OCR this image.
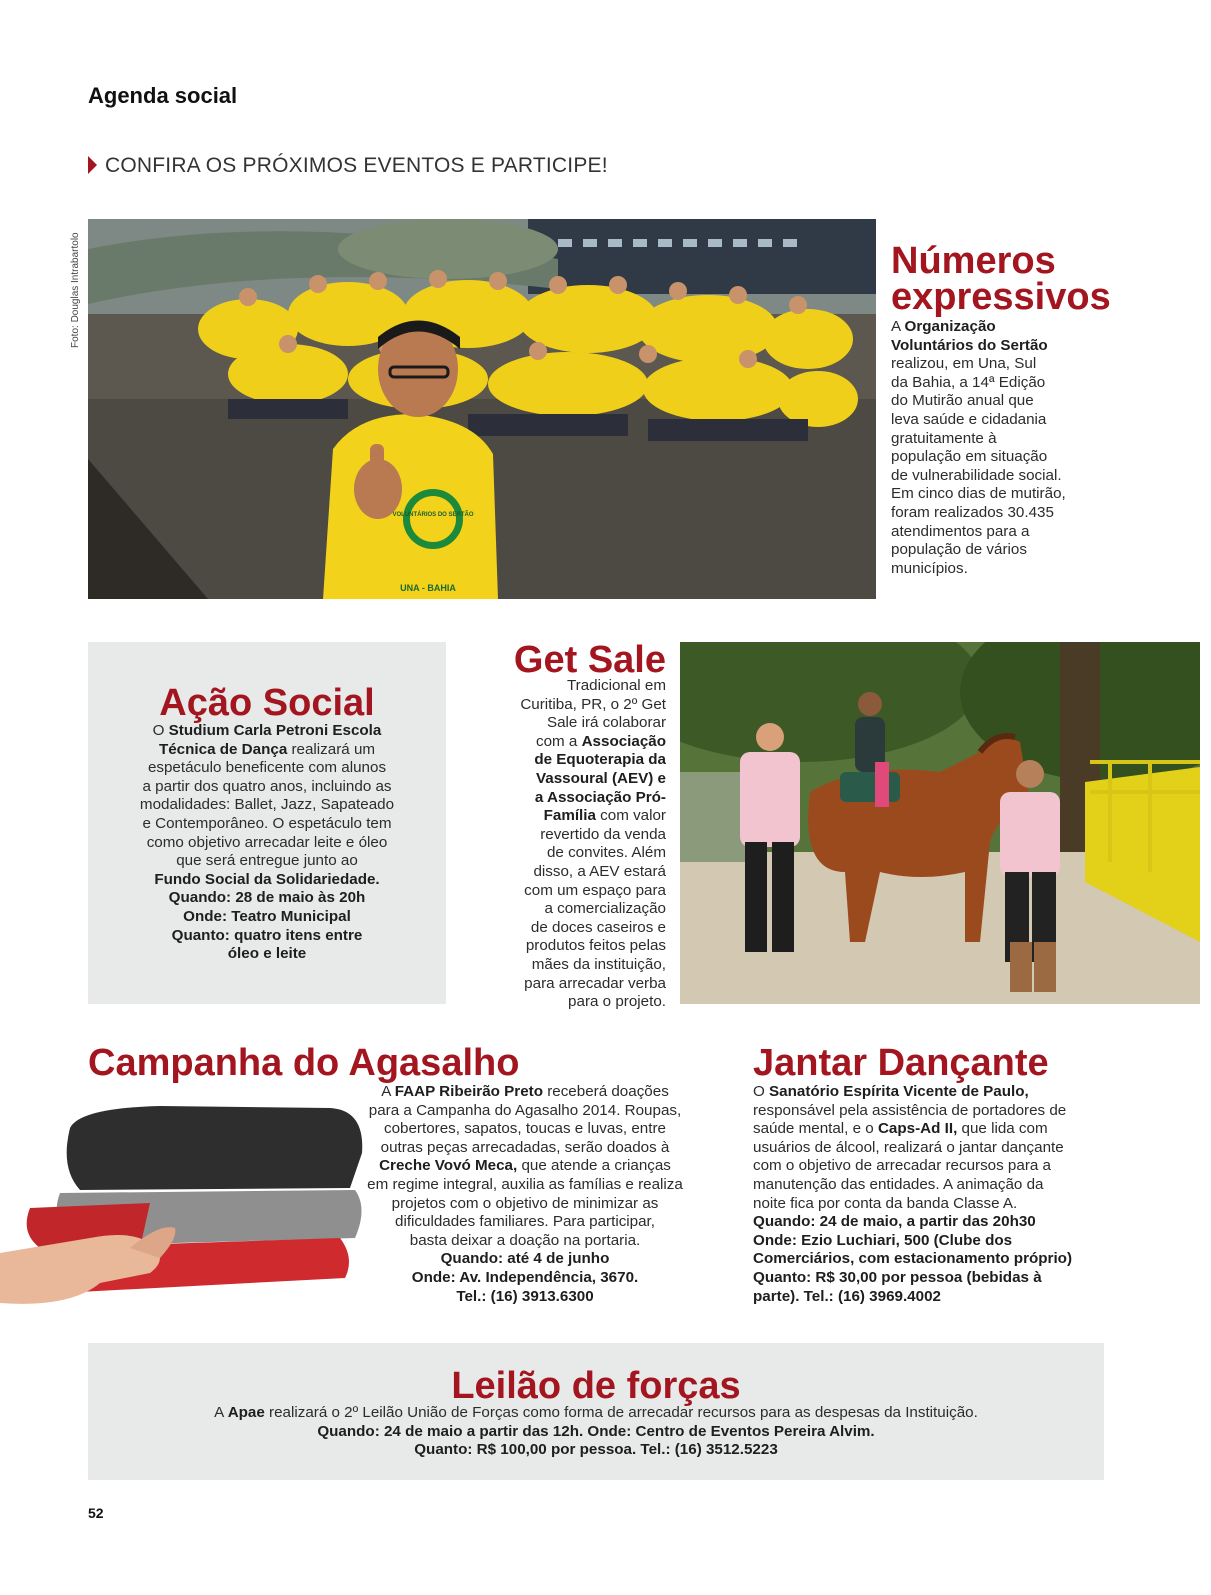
Agenda social
CONFIRA OS PRÓXIMOS EVENTOS E PARTICIPE!
Foto: Douglas Intrabartolo
VOLUNTÁRIOS DO SERTÃO
UNA - BAHIA
Números
expressivos
A Organização
Voluntários do Sertão
realizou, em Una, Sul
da Bahia, a 14ª Edição
do Mutirão anual que
leva saúde e cidadania
gratuitamente à
população em situação
de vulnerabilidade social.
Em cinco dias de mutirão,
foram realizados 30.435
atendimentos para a
população de vários
municípios.
Ação Social
O Studium Carla Petroni Escola
Técnica de Dança realizará um
espetáculo beneficente com alunos
a partir dos quatro anos, incluindo as
modalidades: Ballet, Jazz, Sapateado
e Contemporâneo. O espetáculo tem
como objetivo arrecadar leite e óleo
que será entregue junto ao
Fundo Social da Solidariedade.
Quando: 28 de maio às 20h
Onde: Teatro Municipal
Quanto: quatro itens entre
óleo e leite
Get Sale
Tradicional em
Curitiba, PR, o 2º Get
Sale irá colaborar
com a Associação
de Equoterapia da
Vassoural (AEV) e
a Associação Pró-
Família com valor
revertido da venda
de convites. Além
disso, a AEV estará
com um espaço para
a comercialização
de doces caseiros e
produtos feitos pelas
mães da instituição,
para arrecadar verba
para o projeto.
Campanha do Agasalho
A FAAP Ribeirão Preto receberá doações
para a Campanha do Agasalho 2014. Roupas,
cobertores, sapatos, toucas e luvas, entre
outras peças arrecadadas, serão doados à
Creche Vovó Meca, que atende a crianças
em regime integral, auxilia as famílias e realiza
projetos com o objetivo de minimizar as
dificuldades familiares. Para participar,
basta deixar a doação na portaria.
Quando: até 4 de junho
Onde: Av. Independência, 3670.
Tel.: (16) 3913.6300
Jantar Dançante
O Sanatório Espírita Vicente de Paulo,
responsável pela assistência de portadores de
saúde mental, e o Caps-Ad II, que lida com
usuários de álcool, realizará o jantar dançante
com o objetivo de arrecadar recursos para a
manutenção das entidades. A animação da
noite fica por conta da banda Classe A.
Quando: 24 de maio, a partir das 20h30
Onde: Ezio Luchiari, 500 (Clube dos
Comerciários, com estacionamento próprio)
Quanto: R$ 30,00 por pessoa (bebidas à
parte). Tel.: (16) 3969.4002
Leilão de forças
A Apae realizará o 2º Leilão União de Forças como forma de arrecadar recursos para as despesas da Instituição.
Quando: 24 de maio a partir das 12h. Onde: Centro de Eventos Pereira Alvim.
Quanto: R$ 100,00 por pessoa. Tel.: (16) 3512.5223
52
